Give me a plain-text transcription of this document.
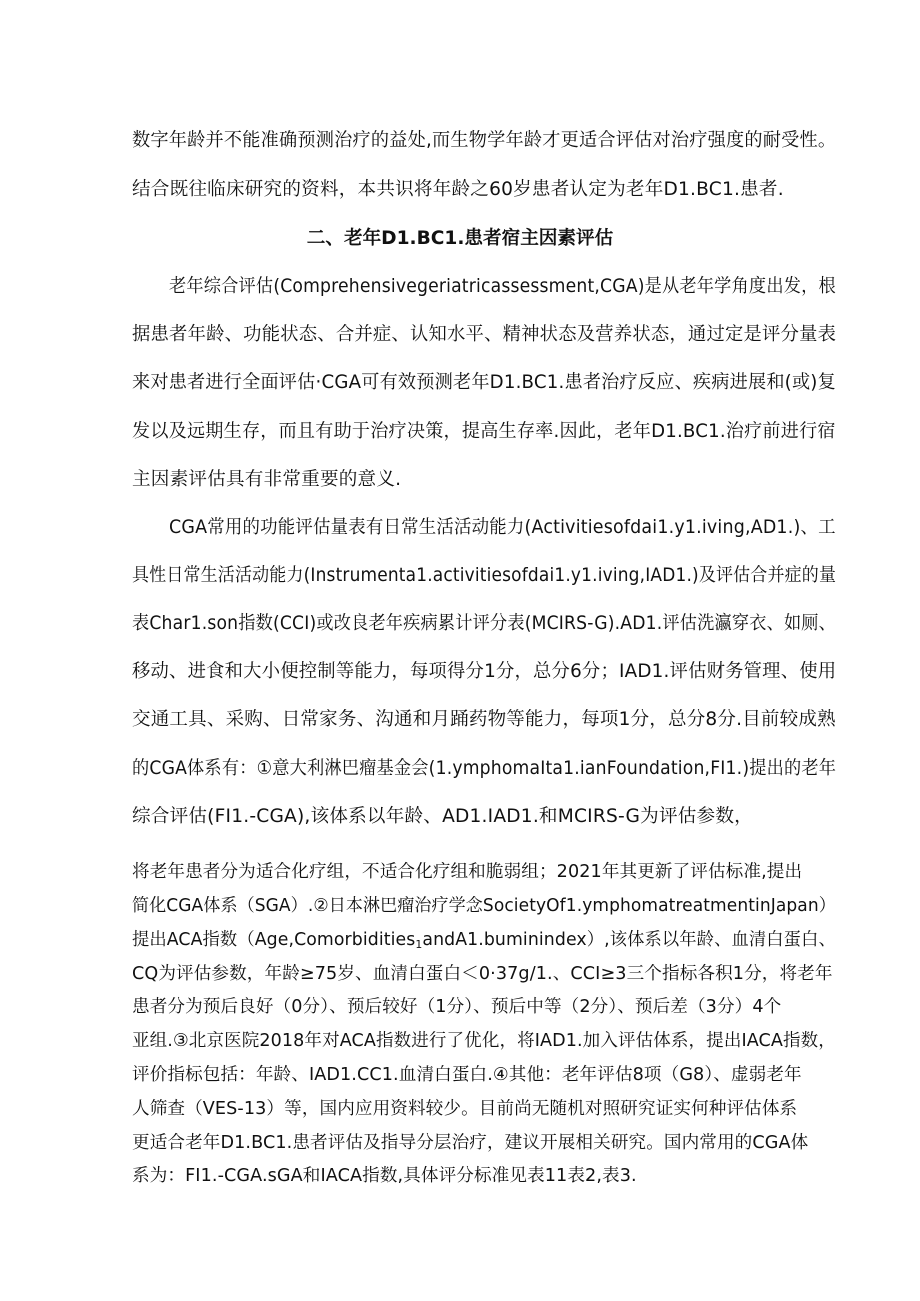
数字年龄并不能准确预测治疗的益处,而生物学年龄才更适合评估对治疗强度的耐受性。
结合既往临床研究的资料，本共识将年龄之60岁患者认定为老年D1.BC1.患者.
二、老年D1.BC1.患者宿主因素评估
老年综合评估(Comprehensivegeriatricassessment,CGA)是从老年学角度出发，根
据患者年龄、功能状态、合并症、认知水平、精神状态及营养状态，通过定是评分量表
来对患者进行全面评估·CGA可有效预测老年D1.BC1.患者治疗反应、疾病进展和(或)复
发以及远期生存，而且有助于治疗决策，提高生存率.因此，老年D1.BC1.治疗前进行宿
主因素评估具有非常重要的意义.
CGA常用的功能评估量表有日常生活活动能力(Activitiesofdai1.y1.iving,AD1.)、工
具性日常生活活动能力(Instrumenta1.activitiesofdai1.y1.iving,IAD1.)及评估合并症的量
表Char1.son指数(CCI)或改良老年疾病累计评分表(MCIRS-G).AD1.评估洗瀛穿衣、如厕、
移动、进食和大小便控制等能力，每项得分1分，总分6分；IAD1.评估财务管理、使用
交通工具、采购、日常家务、沟通和月踊药物等能力，每项1分，总分8分.目前较成熟
的CGA体系有：①意大利淋巴瘤基金会(1.ymphomaIta1.ianFoundation,FI1.)提出的老年
综合评估(FI1.-CGA),该体系以年龄、AD1.IAD1.和MCIRS-G为评估参数，
将老年患者分为适合化疗组，不适合化疗组和脆弱组；2021年其更新了评估标准,提出
简化CGA体系（SGA）.②日本淋巴瘤治疗学念SocietyOf1.ymphomatreatmentinJapan）
提出ACA指数（Age,Comorbidities$_1$andA1.buminindex）,该体系以年龄、血清白蛋白、
CQ为评估参数，年龄≥75岁、血清白蛋白＜0·37g/1.、CCI≥3三个指标各积1分，将老年
患者分为预后良好（0分）、预后较好（1分）、预后中等（2分）、预后差（3分）4个
亚组.③北京医院2018年对ACA指数进行了优化，将IAD1.加入评估体系，提出IACA指数，
评价指标包括：年龄、IAD1.CC1.血清白蛋白.④其他：老年评估8项（G8）、虚弱老年
人筛查（VES-13）等，国内应用资料较少。目前尚无随机对照研究证实何种评估体系
更适合老年D1.BC1.患者评估及指导分层治疗，建议开展相关研究。国内常用的CGA体
系为：FI1.-CGA.sGA和IACA指数,具体评分标准见表11表2,表3.
